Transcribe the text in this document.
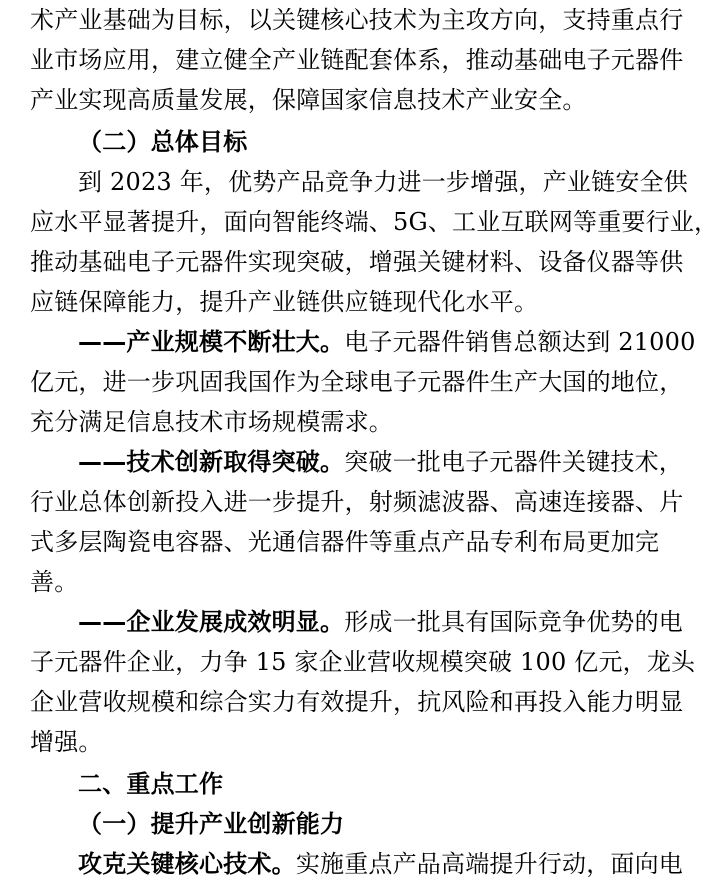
术产业基础为目标，以关键核心技术为主攻方向，支持重点行
业市场应用，建立健全产业链配套体系，推动基础电子元器件
产业实现高质量发展，保障国家信息技术产业安全。
（二）总体目标
到 2023 年，优势产品竞争力进一步增强，产业链安全供
应水平显著提升，面向智能终端、5G、工业互联网等重要行业，
推动基础电子元器件实现突破，增强关键材料、设备仪器等供
应链保障能力，提升产业链供应链现代化水平。
——产业规模不断壮大。电子元器件销售总额达到 21000
亿元，进一步巩固我国作为全球电子元器件生产大国的地位，
充分满足信息技术市场规模需求。
——技术创新取得突破。突破一批电子元器件关键技术，
行业总体创新投入进一步提升，射频滤波器、高速连接器、片
式多层陶瓷电容器、光通信器件等重点产品专利布局更加完
善。
——企业发展成效明显。形成一批具有国际竞争优势的电
子元器件企业，力争 15 家企业营收规模突破 100 亿元，龙头
企业营收规模和综合实力有效提升，抗风险和再投入能力明显
增强。
二、重点工作
（一）提升产业创新能力
攻克关键核心技术。实施重点产品高端提升行动，面向电
